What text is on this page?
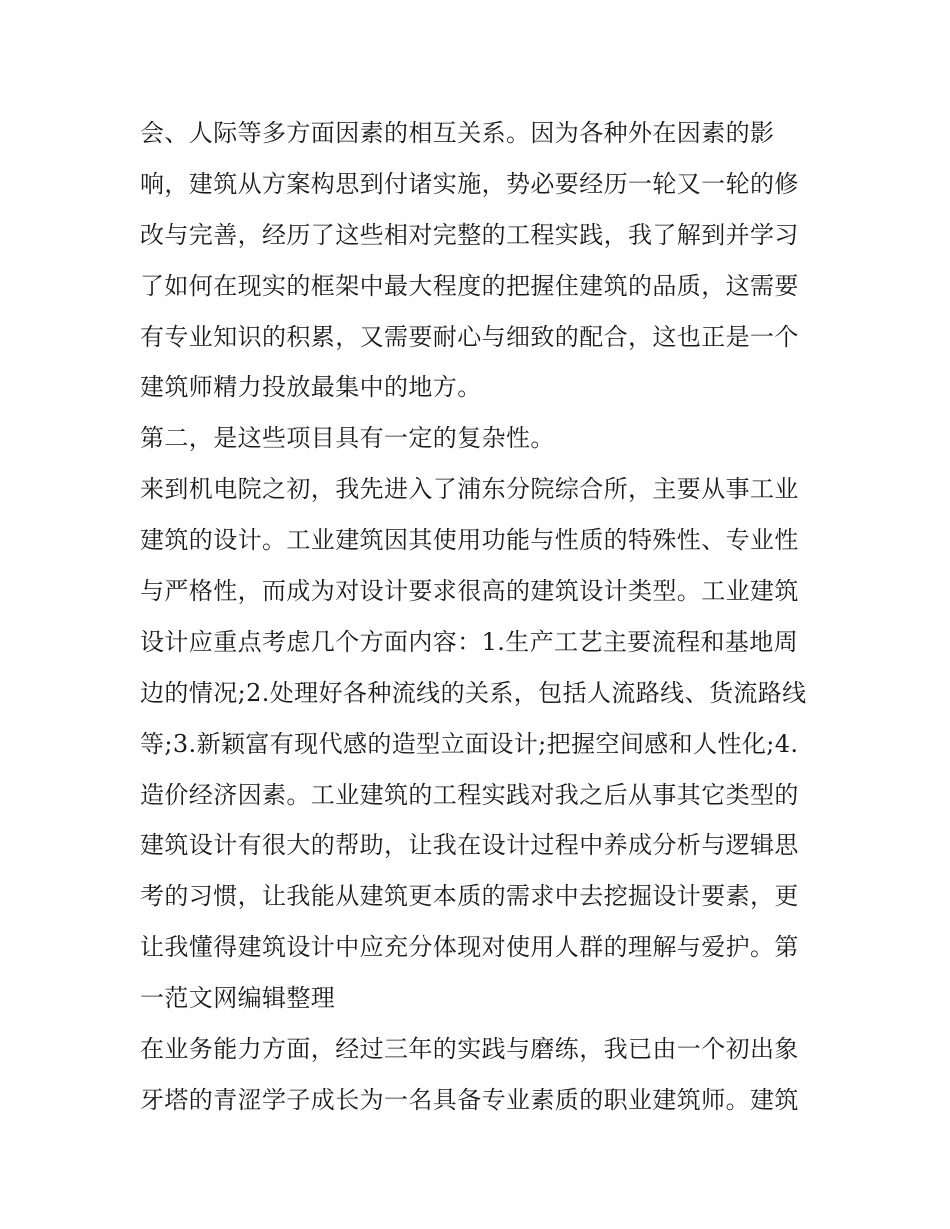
会、人际等多方面因素的相互关系。因为各种外在因素的影
响，建筑从方案构思到付诸实施，势必要经历一轮又一轮的修
改与完善，经历了这些相对完整的工程实践，我了解到并学习
了如何在现实的框架中最大程度的把握住建筑的品质，这需要
有专业知识的积累，又需要耐心与细致的配合，这也正是一个
建筑师精力投放最集中的地方。
第二，是这些项目具有一定的复杂性。
来到机电院之初，我先进入了浦东分院综合所，主要从事工业
建筑的设计。工业建筑因其使用功能与性质的特殊性、专业性
与严格性，而成为对设计要求很高的建筑设计类型。工业建筑
设计应重点考虑几个方面内容：1.生产工艺主要流程和基地周
边的情况;2.处理好各种流线的关系，包括人流路线、货流路线
等;3.新颖富有现代感的造型立面设计;把握空间感和人性化;4.
造价经济因素。工业建筑的工程实践对我之后从事其它类型的
建筑设计有很大的帮助，让我在设计过程中养成分析与逻辑思
考的习惯，让我能从建筑更本质的需求中去挖掘设计要素，更
让我懂得建筑设计中应充分体现对使用人群的理解与爱护。第
一范文网编辑整理
在业务能力方面，经过三年的实践与磨练，我已由一个初出象
牙塔的青涩学子成长为一名具备专业素质的职业建筑师。建筑
